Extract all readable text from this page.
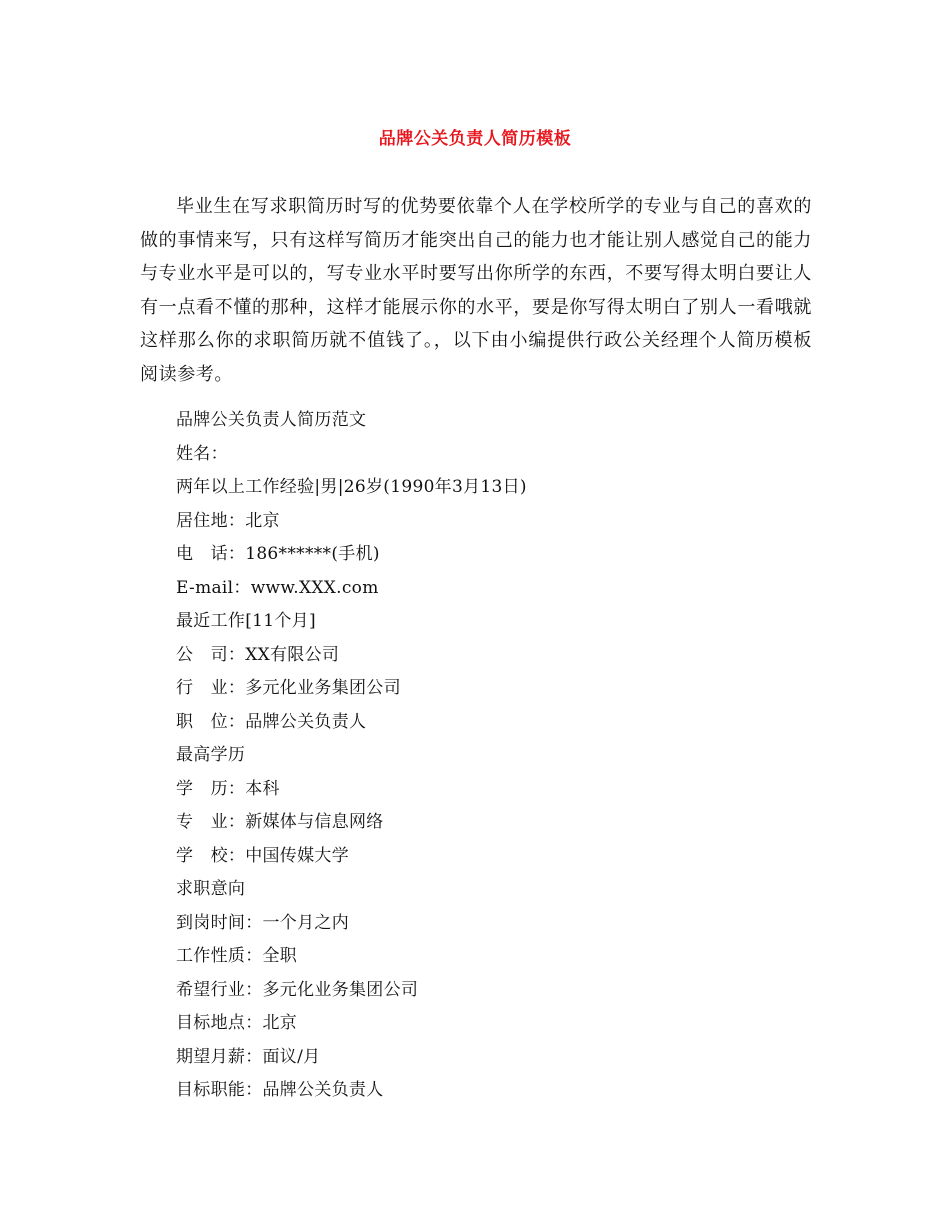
品牌公关负责人简历模板

毕业生在写求职简历时写的优势要依靠个人在学校所学的专业与自己的喜欢的做的事情来写，只有这样写简历才能突出自己的能力也才能让别人感觉自己的能力与专业水平是可以的，写专业水平时要写出你所学的东西，不要写得太明白要让人有一点看不懂的那种，这样才能展示你的水平，要是你写得太明白了别人一看哦就这样那么你的求职简历就不值钱了。，以下由小编提供行政公关经理个人简历模板阅读参考。

品牌公关负责人简历范文
姓名：
两年以上工作经验|男|26岁(1990年3月13日)
居住地：北京
电　话：186******(手机)
E-mail：www.XXX.com
最近工作[11个月]
公　司：XX有限公司
行　业：多元化业务集团公司
职　位：品牌公关负责人
最高学历
学　历：本科
专　业：新媒体与信息网络
学　校：中国传媒大学
求职意向
到岗时间：一个月之内
工作性质：全职
希望行业：多元化业务集团公司
目标地点：北京
期望月薪：面议/月
目标职能：品牌公关负责人
